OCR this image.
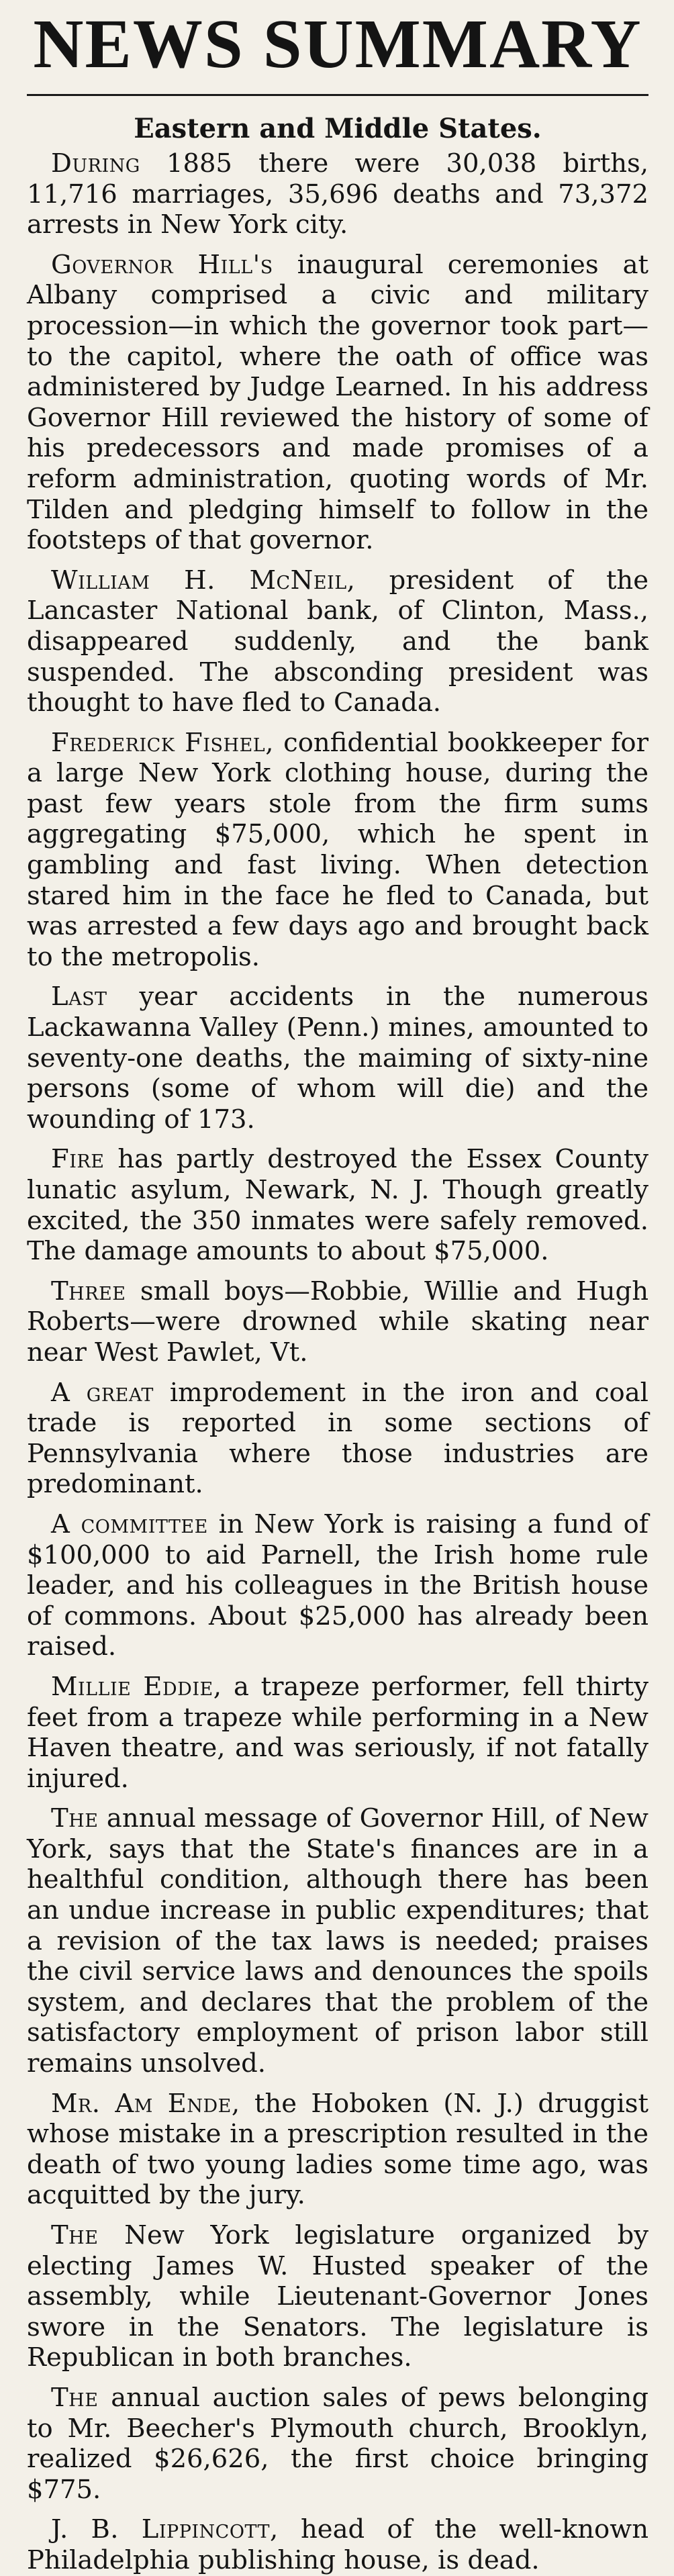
NEWS SUMMARY
Eastern and Middle States.

During 1885 there were 30,038 births, 11,716 marriages, 35,696 deaths and 73,372 arrests in New York city.

Governor Hill's inaugural ceremonies at Albany comprised a civic and military procession—in which the governor took part—to the capitol, where the oath of office was administered by Judge Learned. In his address Governor Hill reviewed the history of some of his predecessors and made promises of a reform administration, quoting words of Mr. Tilden and pledging himself to follow in the footsteps of that governor.

William H. McNeil, president of the Lancaster National bank, of Clinton, Mass., disappeared suddenly, and the bank suspended. The absconding president was thought to have fled to Canada.

Frederick Fishel, confidential bookkeeper for a large New York clothing house, during the past few years stole from the firm sums aggregating $75,000, which he spent in gambling and fast living. When detection stared him in the face he fled to Canada, but was arrested a few days ago and brought back to the metropolis.

Last year accidents in the numerous Lackawanna Valley (Penn.) mines, amounted to seventy-one deaths, the maiming of sixty-nine persons (some of whom will die) and the wounding of 173.

Fire has partly destroyed the Essex County lunatic asylum, Newark, N. J. Though greatly excited, the 350 inmates were safely removed. The damage amounts to about $75,000.

Three small boys—Robbie, Willie and Hugh Roberts—were drowned while skating near near West Pawlet, Vt.

A great improdement in the iron and coal trade is reported in some sections of Pennsylvania where those industries are predominant.

A committee in New York is raising a fund of $100,000 to aid Parnell, the Irish home rule leader, and his colleagues in the British house of commons. About $25,000 has already been raised.

Millie Eddie, a trapeze performer, fell thirty feet from a trapeze while performing in a New Haven theatre, and was seriously, if not fatally injured.

The annual message of Governor Hill, of New York, says that the State's finances are in a healthful condition, although there has been an undue increase in public expenditures; that a revision of the tax laws is needed; praises the civil service laws and denounces the spoils system, and declares that the problem of the satisfactory employment of prison labor still remains unsolved.

Mr. Am Ende, the Hoboken (N. J.) druggist whose mistake in a prescription resulted in the death of two young ladies some time ago, was acquitted by the jury.

The New York legislature organized by electing James W. Husted speaker of the assembly, while Lieutenant-Governor Jones swore in the Senators. The legislature is Republican in both branches.

The annual auction sales of pews belonging to Mr. Beecher's Plymouth church, Brooklyn, realized $26,626, the first choice bringing $775.

J. B. Lippincott, head of the well-known Philadelphia publishing house, is dead.
